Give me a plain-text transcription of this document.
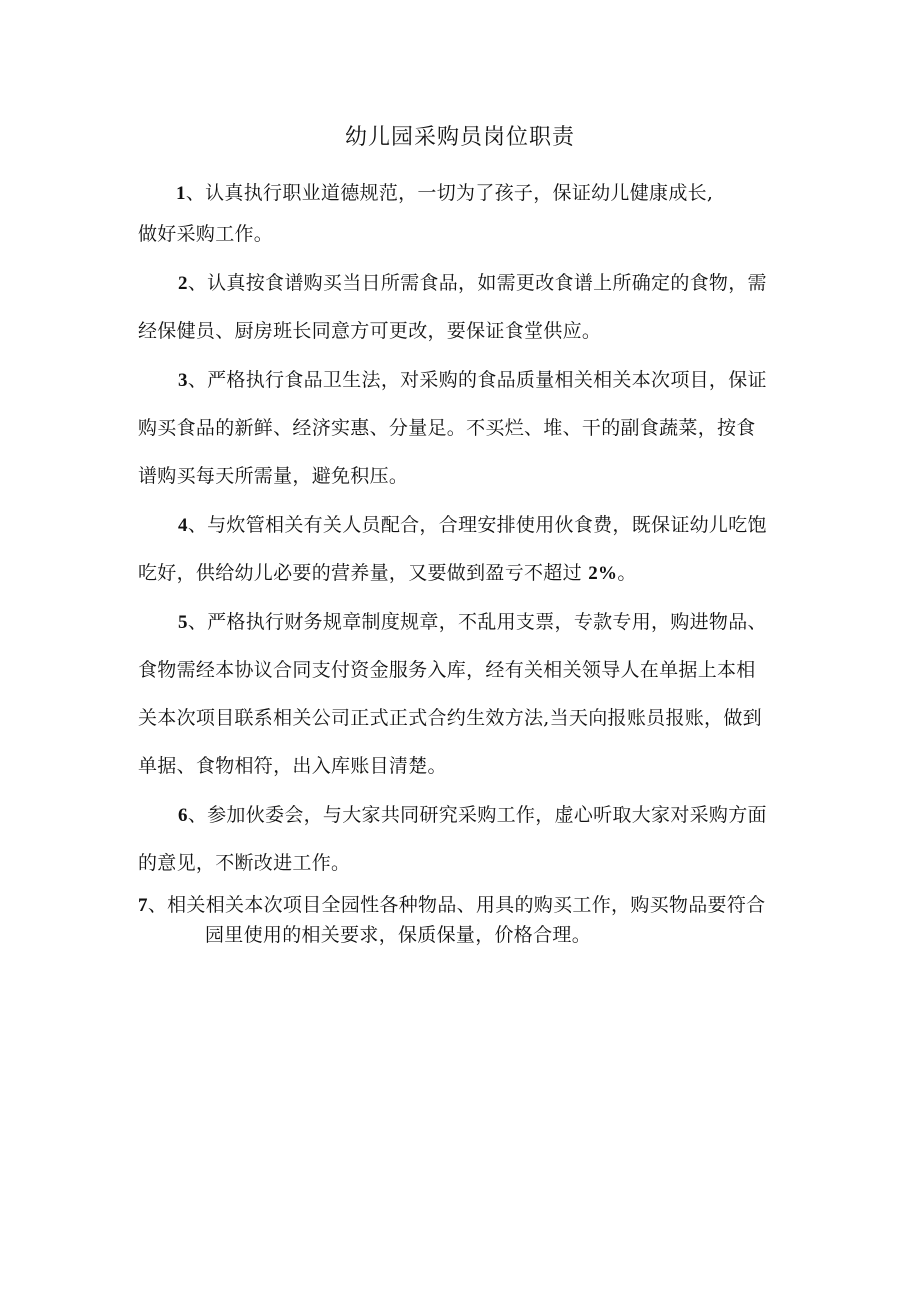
幼儿园采购员岗位职责
1、认真执行职业道德规范，一切为了孩子，保证幼儿健康成长,
做好采购工作。
2、认真按食谱购买当日所需食品，如需更改食谱上所确定的食物，需
经保健员、厨房班长同意方可更改，要保证食堂供应。
3、严格执行食品卫生法，对采购的食品质量相关相关本次项目，保证
购买食品的新鲜、经济实惠、分量足。不买烂、堆、干的副食蔬菜，按食
谱购买每天所需量，避免积压。
4、与炊管相关有关人员配合，合理安排使用伙食费，既保证幼儿吃饱
吃好，供给幼儿必要的营养量，又要做到盈亏不超过 2%。
5、严格执行财务规章制度规章，不乱用支票，专款专用，购进物品、
食物需经本协议合同支付资金服务入库，经有关相关领导人在单据上本相
关本次项目联系相关公司正式正式合约生效方法,当天向报账员报账，做到
单据、食物相符，出入库账目清楚。
6、参加伙委会，与大家共同研究采购工作，虚心听取大家对采购方面
的意见，不断改进工作。
7、相关相关本次项目全园性各种物品、用具的购买工作，购买物品要符合
园里使用的相关要求，保质保量，价格合理。
